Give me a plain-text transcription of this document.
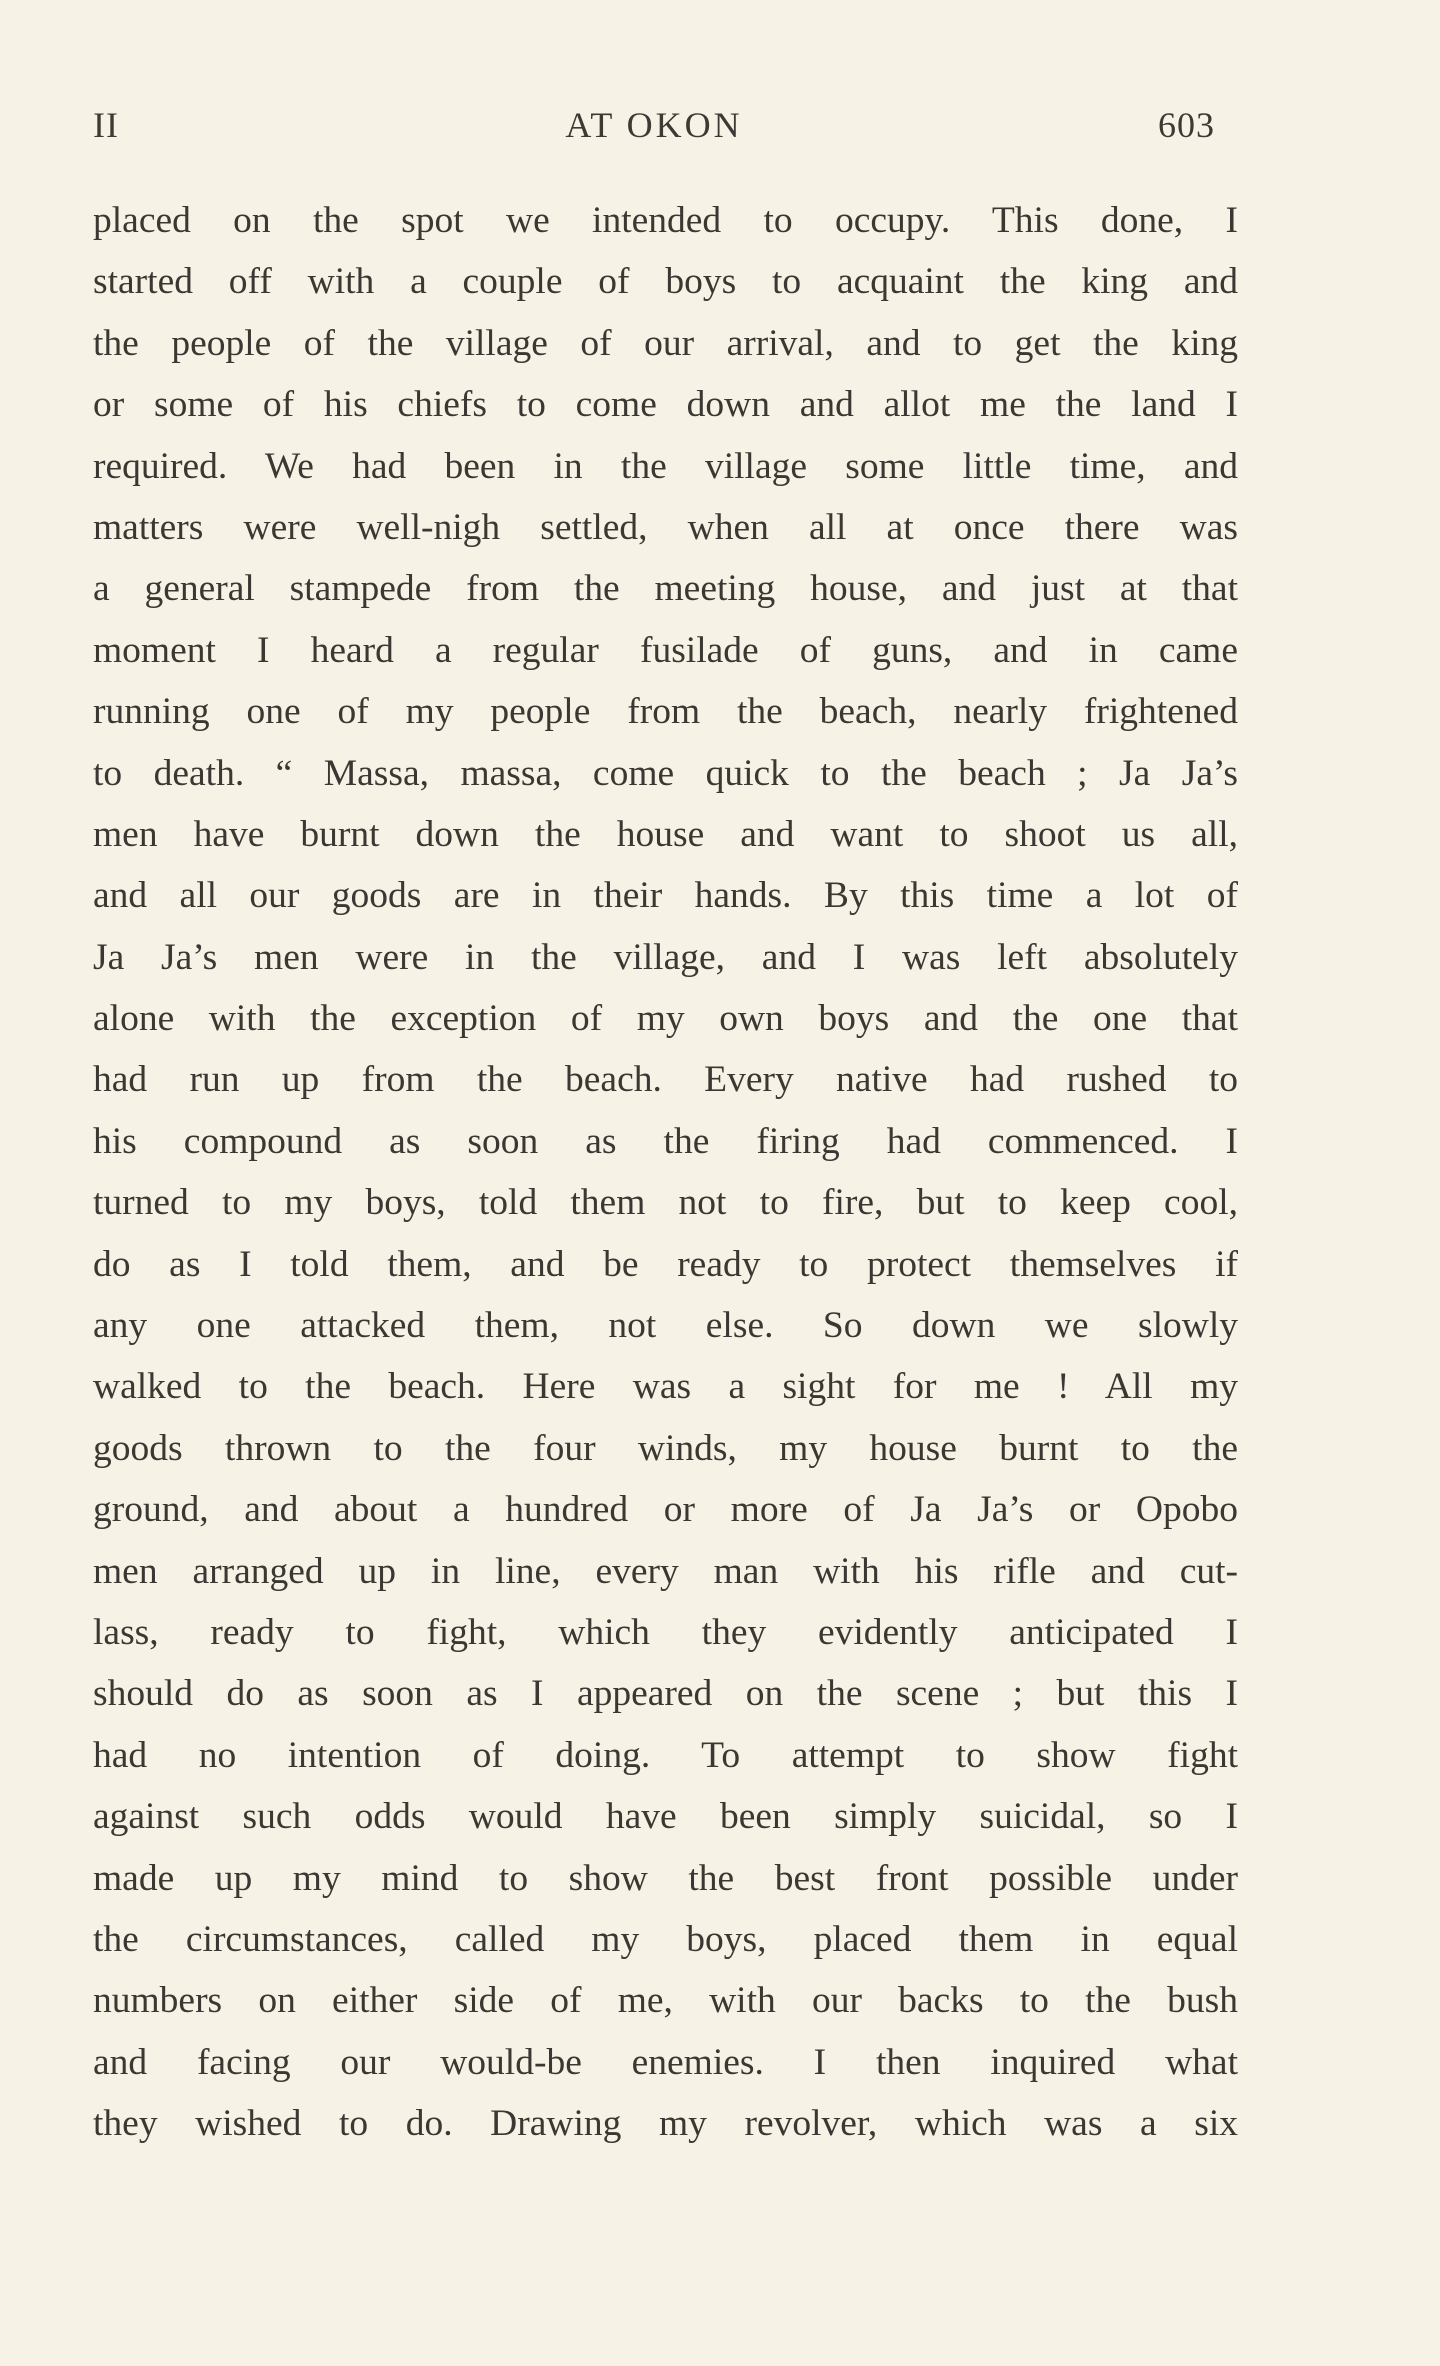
II	AT OKON	603
placed on the spot we intended to occupy. This done, I
started off with a couple of boys to acquaint the king and
the people of the village of our arrival, and to get the king
or some of his chiefs to come down and allot me the land I
required. We had been in the village some little time, and
matters were well-nigh settled, when all at once there was
a general stampede from the meeting house, and just at that
moment I heard a regular fusilade of guns, and in came
running one of my people from the beach, nearly frightened
to death. “ Massa, massa, come quick to the beach ; Ja Ja’s
men have burnt down the house and want to shoot us all,
and all our goods are in their hands. By this time a lot of
Ja Ja’s men were in the village, and I was left absolutely
alone with the exception of my own boys and the one that
had run up from the beach. Every native had rushed to
his compound as soon as the firing had commenced. I
turned to my boys, told them not to fire, but to keep cool,
do as I told them, and be ready to protect themselves if
any one attacked them, not else. So down we slowly
walked to the beach. Here was a sight for me ! All my
goods thrown to the four winds, my house burnt to the
ground, and about a hundred or more of Ja Ja’s or Opobo
men arranged up in line, every man with his rifle and cut-
lass, ready to fight, which they evidently anticipated I
should do as soon as I appeared on the scene ; but this I
had no intention of doing. To attempt to show fight
against such odds would have been simply suicidal, so I
made up my mind to show the best front possible under
the circumstances, called my boys, placed them in equal
numbers on either side of me, with our backs to the bush
and facing our would-be enemies. I then inquired what
they wished to do. Drawing my revolver, which was a six
